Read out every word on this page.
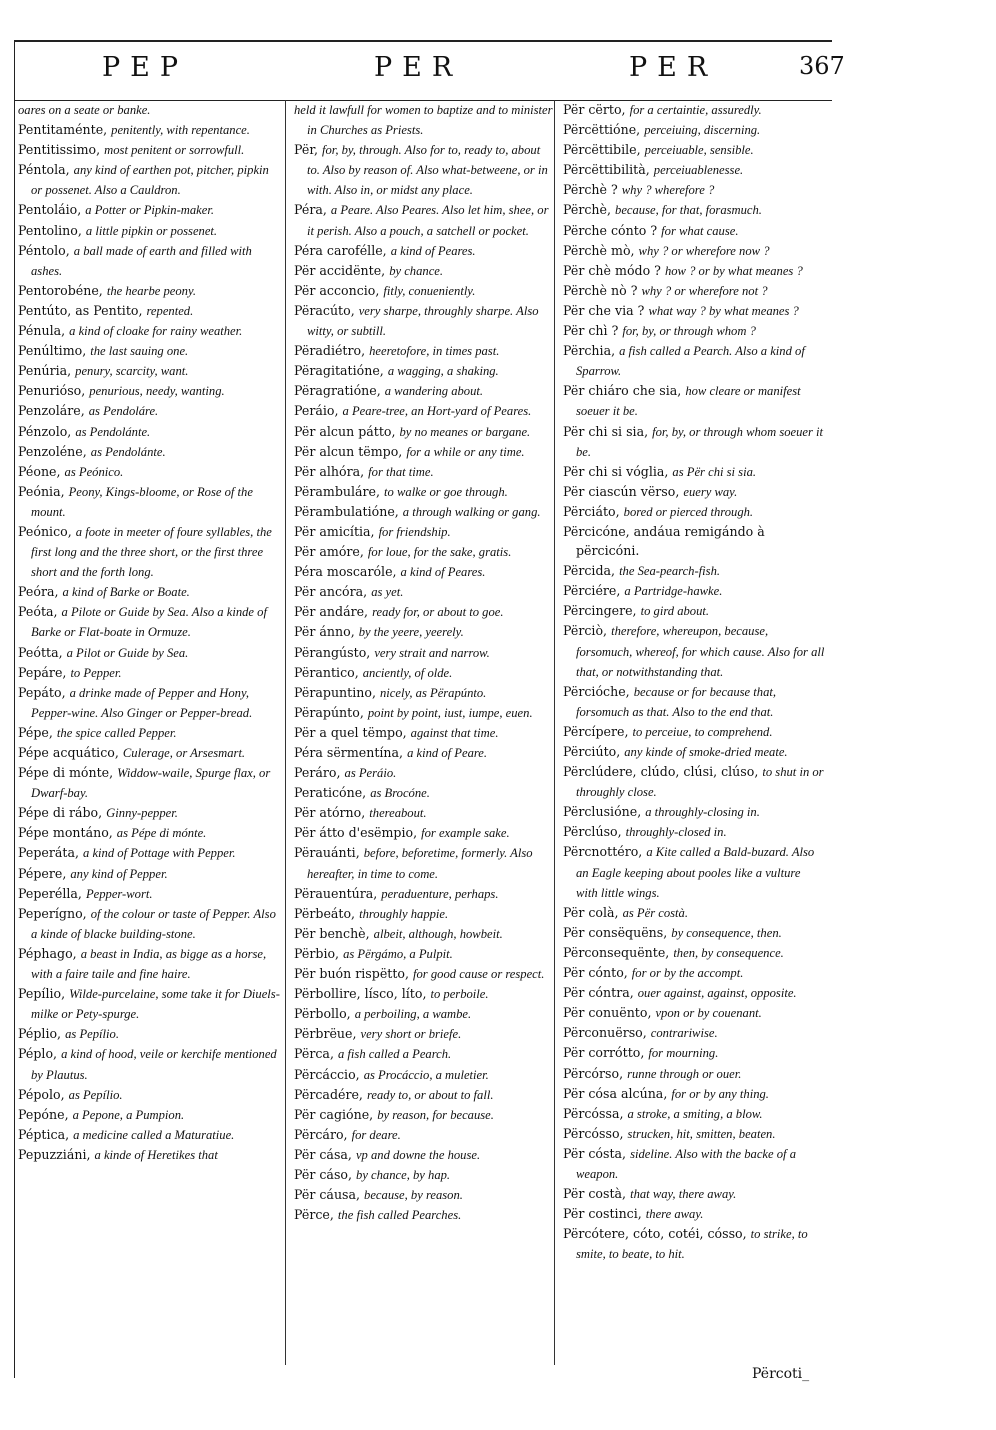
PEP	PER	PER	367
oares on a seate or banke.
Pentitaménte, penitently, with repentance.
Pentitissimo, most penitent or sorrowfull.
Péntola, any kind of earthen pot, pitcher, pipkin or possenet. Also a Cauldron.
Pentoláio, a Potter or Pipkin-maker.
Pentolino, a little pipkin or possenet.
Péntolo, a ball made of earth and filled with ashes.
Pentorobéne, the hearbe peony.
Pentúto, as Pentito, repented.
Pénula, a kind of cloake for rainy weather.
Penúltimo, the last sauing one.
Penúria, penury, scarcity, want.
Penurióso, penurious, needy, wanting.
Penzoláre, as Pendoláre.
Pénzolo, as Pendolánte.
Penzoléne, as Pendolánte.
Péone, as Peónico.
Peónia, Peony, Kings-bloome, or Rose of the mount.
Peónico, a foote in meeter of foure syllables, the first long and the three short, or the first three short and the forth long.
Peóra, a kind of Barke or Boate.
Peóta, a Pilote or Guide by Sea. Also a kinde of Barke or Flat-boate in Ormuze.
Peótta, a Pilot or Guide by Sea.
Pepáre, to Pepper.
Pepáto, a drinke made of Pepper and Hony, Pepper-wine. Also Ginger or Pepper-bread.
Pépe, the spice called Pepper.
Pépe acquático, Culerage, or Arsesmart.
Pépe di mónte, Widdow-waile, Spurge flax, or Dwarf-bay.
Pépe di rábo, Ginny-pepper.
Pépe montáno, as Pépe di mónte.
Peperáta, a kind of Pottage with Pepper.
Pépere, any kind of Pepper.
Peperélla, Pepper-wort.
Peperígno, of the colour or taste of Pepper. Also a kinde of blacke building-stone.
Péphago, a beast in India, as bigge as a horse, with a faire taile and fine haire.
Pepílio, Wilde-purcelaine, some take it for Diuels-milke or Pety-spurge.
Péplio, as Pepílio.
Péplo, a kind of hood, veile or kerchife mentioned by Plautus.
Pépolo, as Pepílio.
Pepóne, a Pepone, a Pumpion.
Péptica, a medicine called a Maturatiue.
Pepuzziáni, a kinde of Heretikes that
held it lawfull for women to baptize and to minister in Churches as Priests.
Për, for, by, through. Also for to, ready to, about to. Also by reason of. Also what-betweene, or in with. Also in, or midst any place.
Péra, a Peare. Also Peares. Also let him, shee, or it perish. Also a pouch, a satchell or pocket.
Péra carofélle, a kind of Peares.
Për accidënte, by chance.
Për acconcio, fitly, conueniently.
Përacúto, very sharpe, throughly sharpe. Also witty, or subtill.
Përadiétro, heeretofore, in times past.
Përagitatióne, a wagging, a shaking.
Përagratióne, a wandering about.
Peráio, a Peare-tree, an Hort-yard of Peares.
Për alcun pátto, by no meanes or bargane.
Për alcun tëmpo, for a while or any time.
Për alhóra, for that time.
Përambuláre, to walke or goe through.
Përambulatióne, a through walking or gang.
Për amicítia, for friendship.
Për amóre, for loue, for the sake, gratis.
Péra moscaróle, a kind of Peares.
Për ancóra, as yet.
Për andáre, ready for, or about to goe.
Për ánno, by the yeere, yeerely.
Përangústo, very strait and narrow.
Përantico, anciently, of olde.
Përapuntino, nicely, as Përapúnto.
Përapúnto, point by point, iust, iumpe, euen.
Për a quel tëmpo, against that time.
Péra sërmentína, a kind of Peare.
Peráro, as Peráio.
Peraticóne, as Brocóne.
Për atórno, thereabout.
Për átto d'esëmpio, for example sake.
Përauánti, before, beforetime, formerly. Also hereafter, in time to come.
Përauentúra, peraduenture, perhaps.
Përbeáto, throughly happie.
Për benchè, albeit, although, howbeit.
Përbio, as Përgámo, a Pulpit.
Për buón rispëtto, for good cause or respect.
Përbollire, lísco, líto, to perboile.
Përbollo, a perboiling, a wambe.
Përbrëue, very short or briefe.
Përca, a fish called a Pearch.
Përcáccio, as Procáccio, a muletier.
Përcadére, ready to, or about to fall.
Për cagióne, by reason, for because.
Përcáro, for deare.
Për cása, vp and downe the house.
Për cáso, by chance, by hap.
Për cáusa, because, by reason.
Përce, the fish called Pearches.
Për cërto, for a certaintie, assuredly.
Përcëttióne, perceiuing, discerning.
Përcëttibile, perceiuable, sensible.
Përcëttibilità, perceiuablenesse.
Përchè ? why ? wherefore ?
Përchè, because, for that, forasmuch.
Përche cónto ? for what cause.
Përchè mò, why ? or wherefore now ?
Për chè módo ? how ? or by what meanes ?
Përchè nò ? why ? or wherefore not ?
Për che via ? what way ? by what meanes ?
Për chì ? for, by, or through whom ?
Përchia, a fish called a Pearch. Also a kind of Sparrow.
Për chiáro che sia, how cleare or manifest soeuer it be.
Për chi si sia, for, by, or through whom soeuer it be.
Për chi si vóglia, as Për chi si sia.
Për ciascún vërso, euery way.
Përciáto, bored or pierced through.
Përcicóne, andáua remigándo à përcicóni.
Përcida, the Sea-pearch-fish.
Përciére, a Partridge-hawke.
Përcingere, to gird about.
Përciò, therefore, whereupon, because, forsomuch, whereof, for which cause. Also for all that, or notwithstanding that.
Përcióche, because or for because that, forsomuch as that. Also to the end that.
Përcípere, to perceiue, to comprehend.
Përciúto, any kinde of smoke-dried meate.
Përclúdere, clúdo, clúsi, clúso, to shut in or throughly close.
Përclusióne, a throughly-closing in.
Përclúso, throughly-closed in.
Përcnottéro, a Kite called a Bald-buzard. Also an Eagle keeping about pooles like a vulture with little wings.
Për colà, as Për costà.
Për consëquëns, by consequence, then.
Përconsequënte, then, by consequence.
Për cónto, for or by the accompt.
Për cóntra, ouer against, against, opposite.
Për conuënto, vpon or by couenant.
Përconuërso, contrariwise.
Për corrótto, for mourning.
Përcórso, runne through or ouer.
Për cósa alcúna, for or by any thing.
Përcóssa, a stroke, a smiting, a blow.
Përcósso, strucken, hit, smitten, beaten.
Për cósta, sideline. Also with the backe of a weapon.
Për costà, that way, there away.
Për costinci, there away.
Përcótere, cóto, cotéi, cósso, to strike, to smite, to beate, to hit.
Përcoti_
